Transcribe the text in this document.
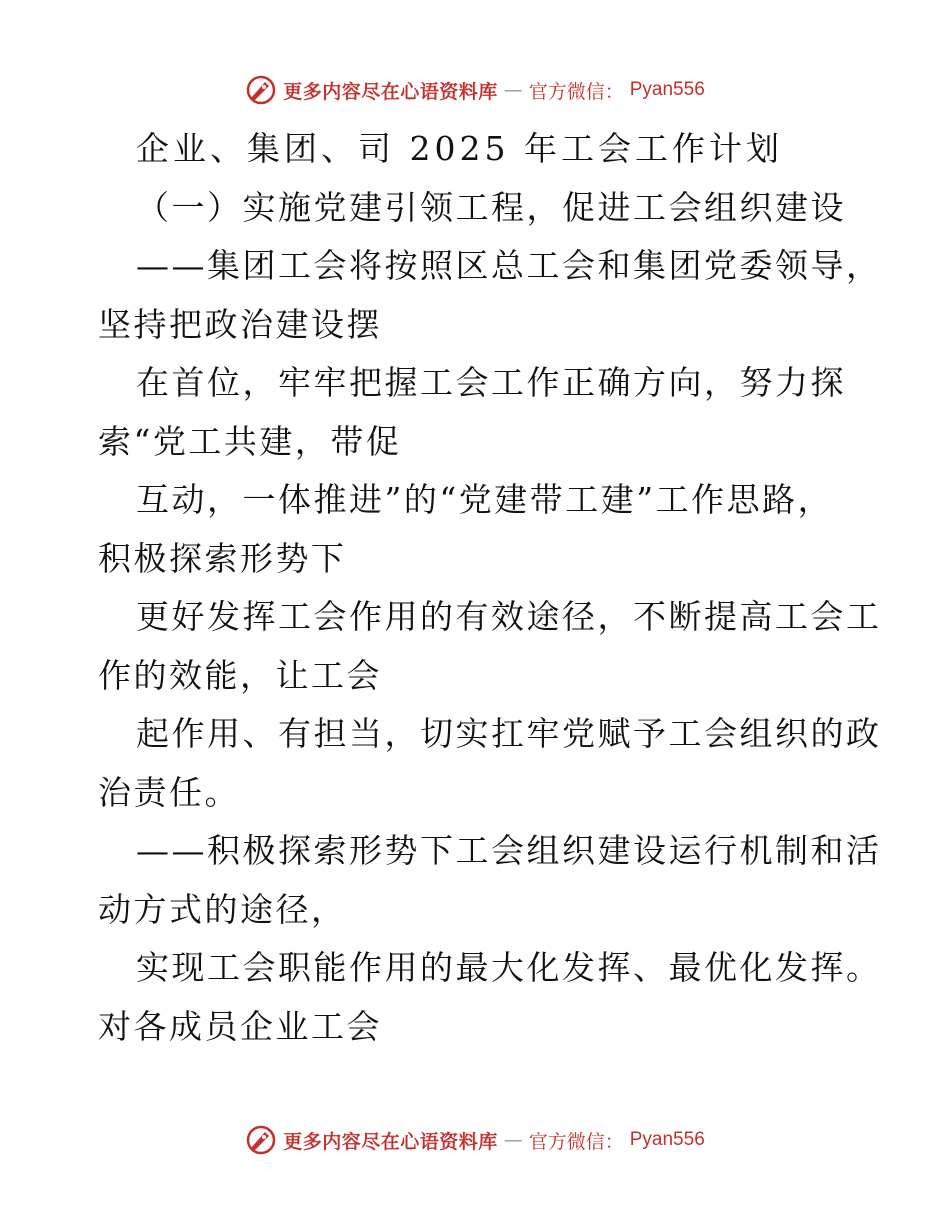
更多内容尽在心语资料库 — 官方微信： Pyan556
企业、集团、司 2025 年工会工作计划
（一）实施党建引领工程，促进工会组织建设
——集团工会将按照区总工会和集团党委领导，
坚持把政治建设摆
在首位，牢牢把握工会工作正确方向，努力探
索“党工共建，带促
互动，一体推进”的“党建带工建”工作思路，
积极探索形势下
更好发挥工会作用的有效途径，不断提高工会工
作的效能，让工会
起作用、有担当，切实扛牢党赋予工会组织的政
治责任。
——积极探索形势下工会组织建设运行机制和活
动方式的途径，
实现工会职能作用的最大化发挥、最优化发挥。
对各成员企业工会
更多内容尽在心语资料库 — 官方微信： Pyan556
